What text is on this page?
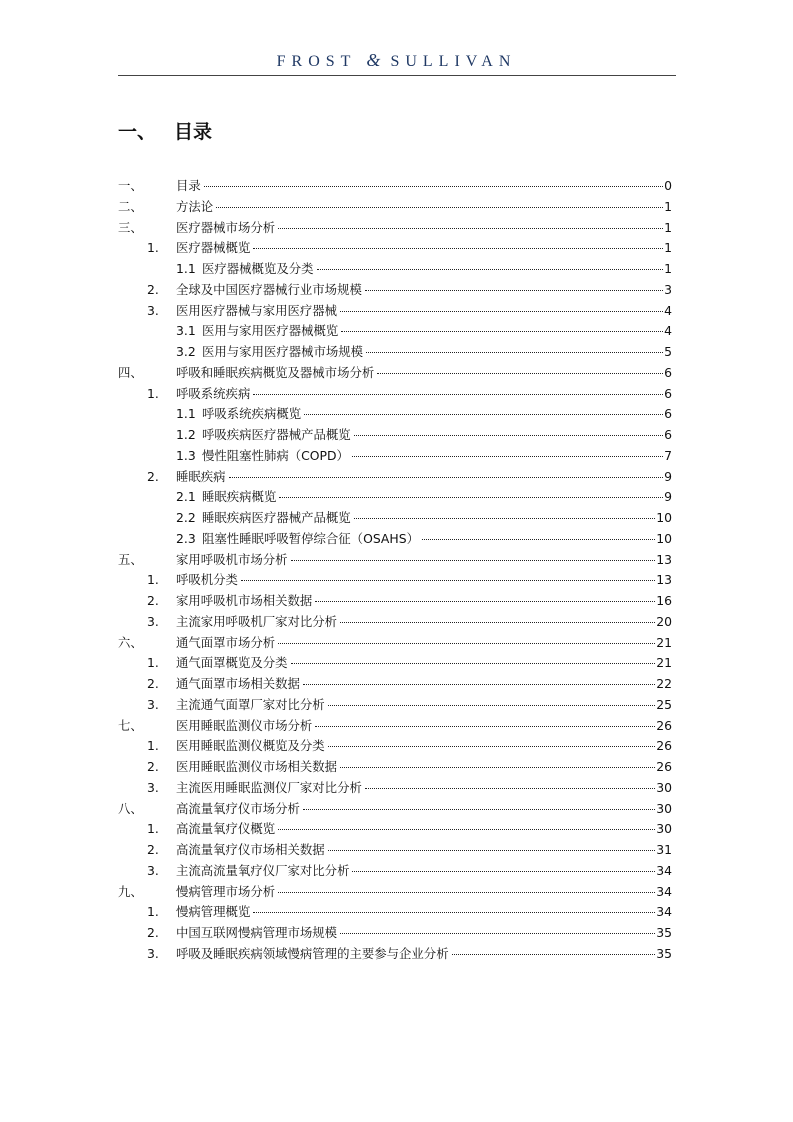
FROST & SULLIVAN
一、 目录
一、	目录	0
二、	方法论	1
三、	医疗器械市场分析	1
1. 医疗器械概览	1
1.1 医疗器械概览及分类	1
2. 全球及中国医疗器械行业市场规模	3
3. 医用医疗器械与家用医疗器械	4
3.1 医用与家用医疗器械概览	4
3.2 医用与家用医疗器械市场规模	5
四、	呼吸和睡眠疾病概览及器械市场分析	6
1. 呼吸系统疾病	6
1.1 呼吸系统疾病概览	6
1.2 呼吸疾病医疗器械产品概览	6
1.3 慢性阻塞性肺病（COPD）	7
2. 睡眠疾病	9
2.1 睡眠疾病概览	9
2.2 睡眠疾病医疗器械产品概览	10
2.3 阻塞性睡眠呼吸暂停综合征（OSAHS）	10
五、	家用呼吸机市场分析	13
1. 呼吸机分类	13
2. 家用呼吸机市场相关数据	16
3. 主流家用呼吸机厂家对比分析	20
六、	通气面罩市场分析	21
1. 通气面罩概览及分类	21
2. 通气面罩市场相关数据	22
3. 主流通气面罩厂家对比分析	25
七、	医用睡眠监测仪市场分析	26
1. 医用睡眠监测仪概览及分类	26
2. 医用睡眠监测仪市场相关数据	26
3. 主流医用睡眠监测仪厂家对比分析	30
八、	高流量氧疗仪市场分析	30
1. 高流量氧疗仪概览	30
2. 高流量氧疗仪市场相关数据	31
3. 主流高流量氧疗仪厂家对比分析	34
九、	慢病管理市场分析	34
1. 慢病管理概览	34
2. 中国互联网慢病管理市场规模	35
3. 呼吸及睡眠疾病领域慢病管理的主要参与企业分析	35
